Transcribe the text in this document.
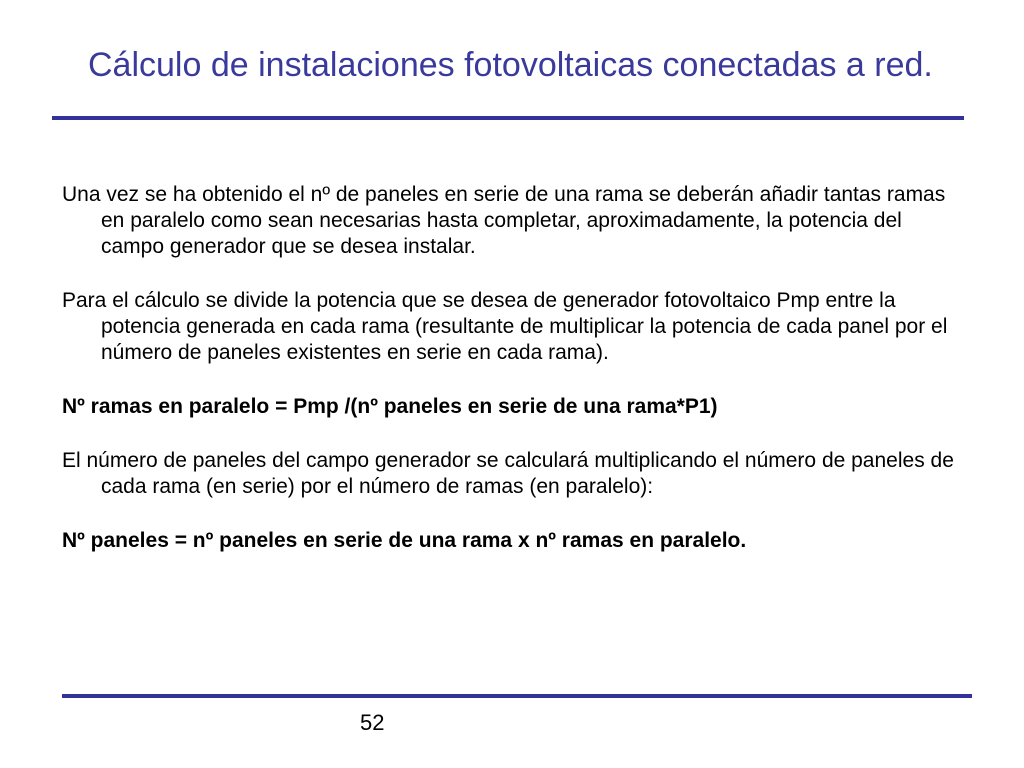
Cálculo de instalaciones fotovoltaicas conectadas a red.

Una vez se ha obtenido el nº de paneles en serie de una rama se deberán añadir tantas ramas en paralelo como sean necesarias hasta completar, aproximadamente, la potencia del campo generador que se desea instalar.

Para el cálculo se divide la potencia que se desea de generador fotovoltaico Pmp entre la potencia generada en cada rama (resultante de multiplicar la potencia de cada panel por el número de paneles existentes en serie en cada rama).

Nº ramas en paralelo = Pmp /(nº paneles en serie de una rama*P1)

El número de paneles del campo generador se calculará multiplicando el número de paneles de cada rama (en serie) por el número de ramas (en paralelo):

Nº paneles = nº paneles en serie de una rama x nº ramas en paralelo.

52
